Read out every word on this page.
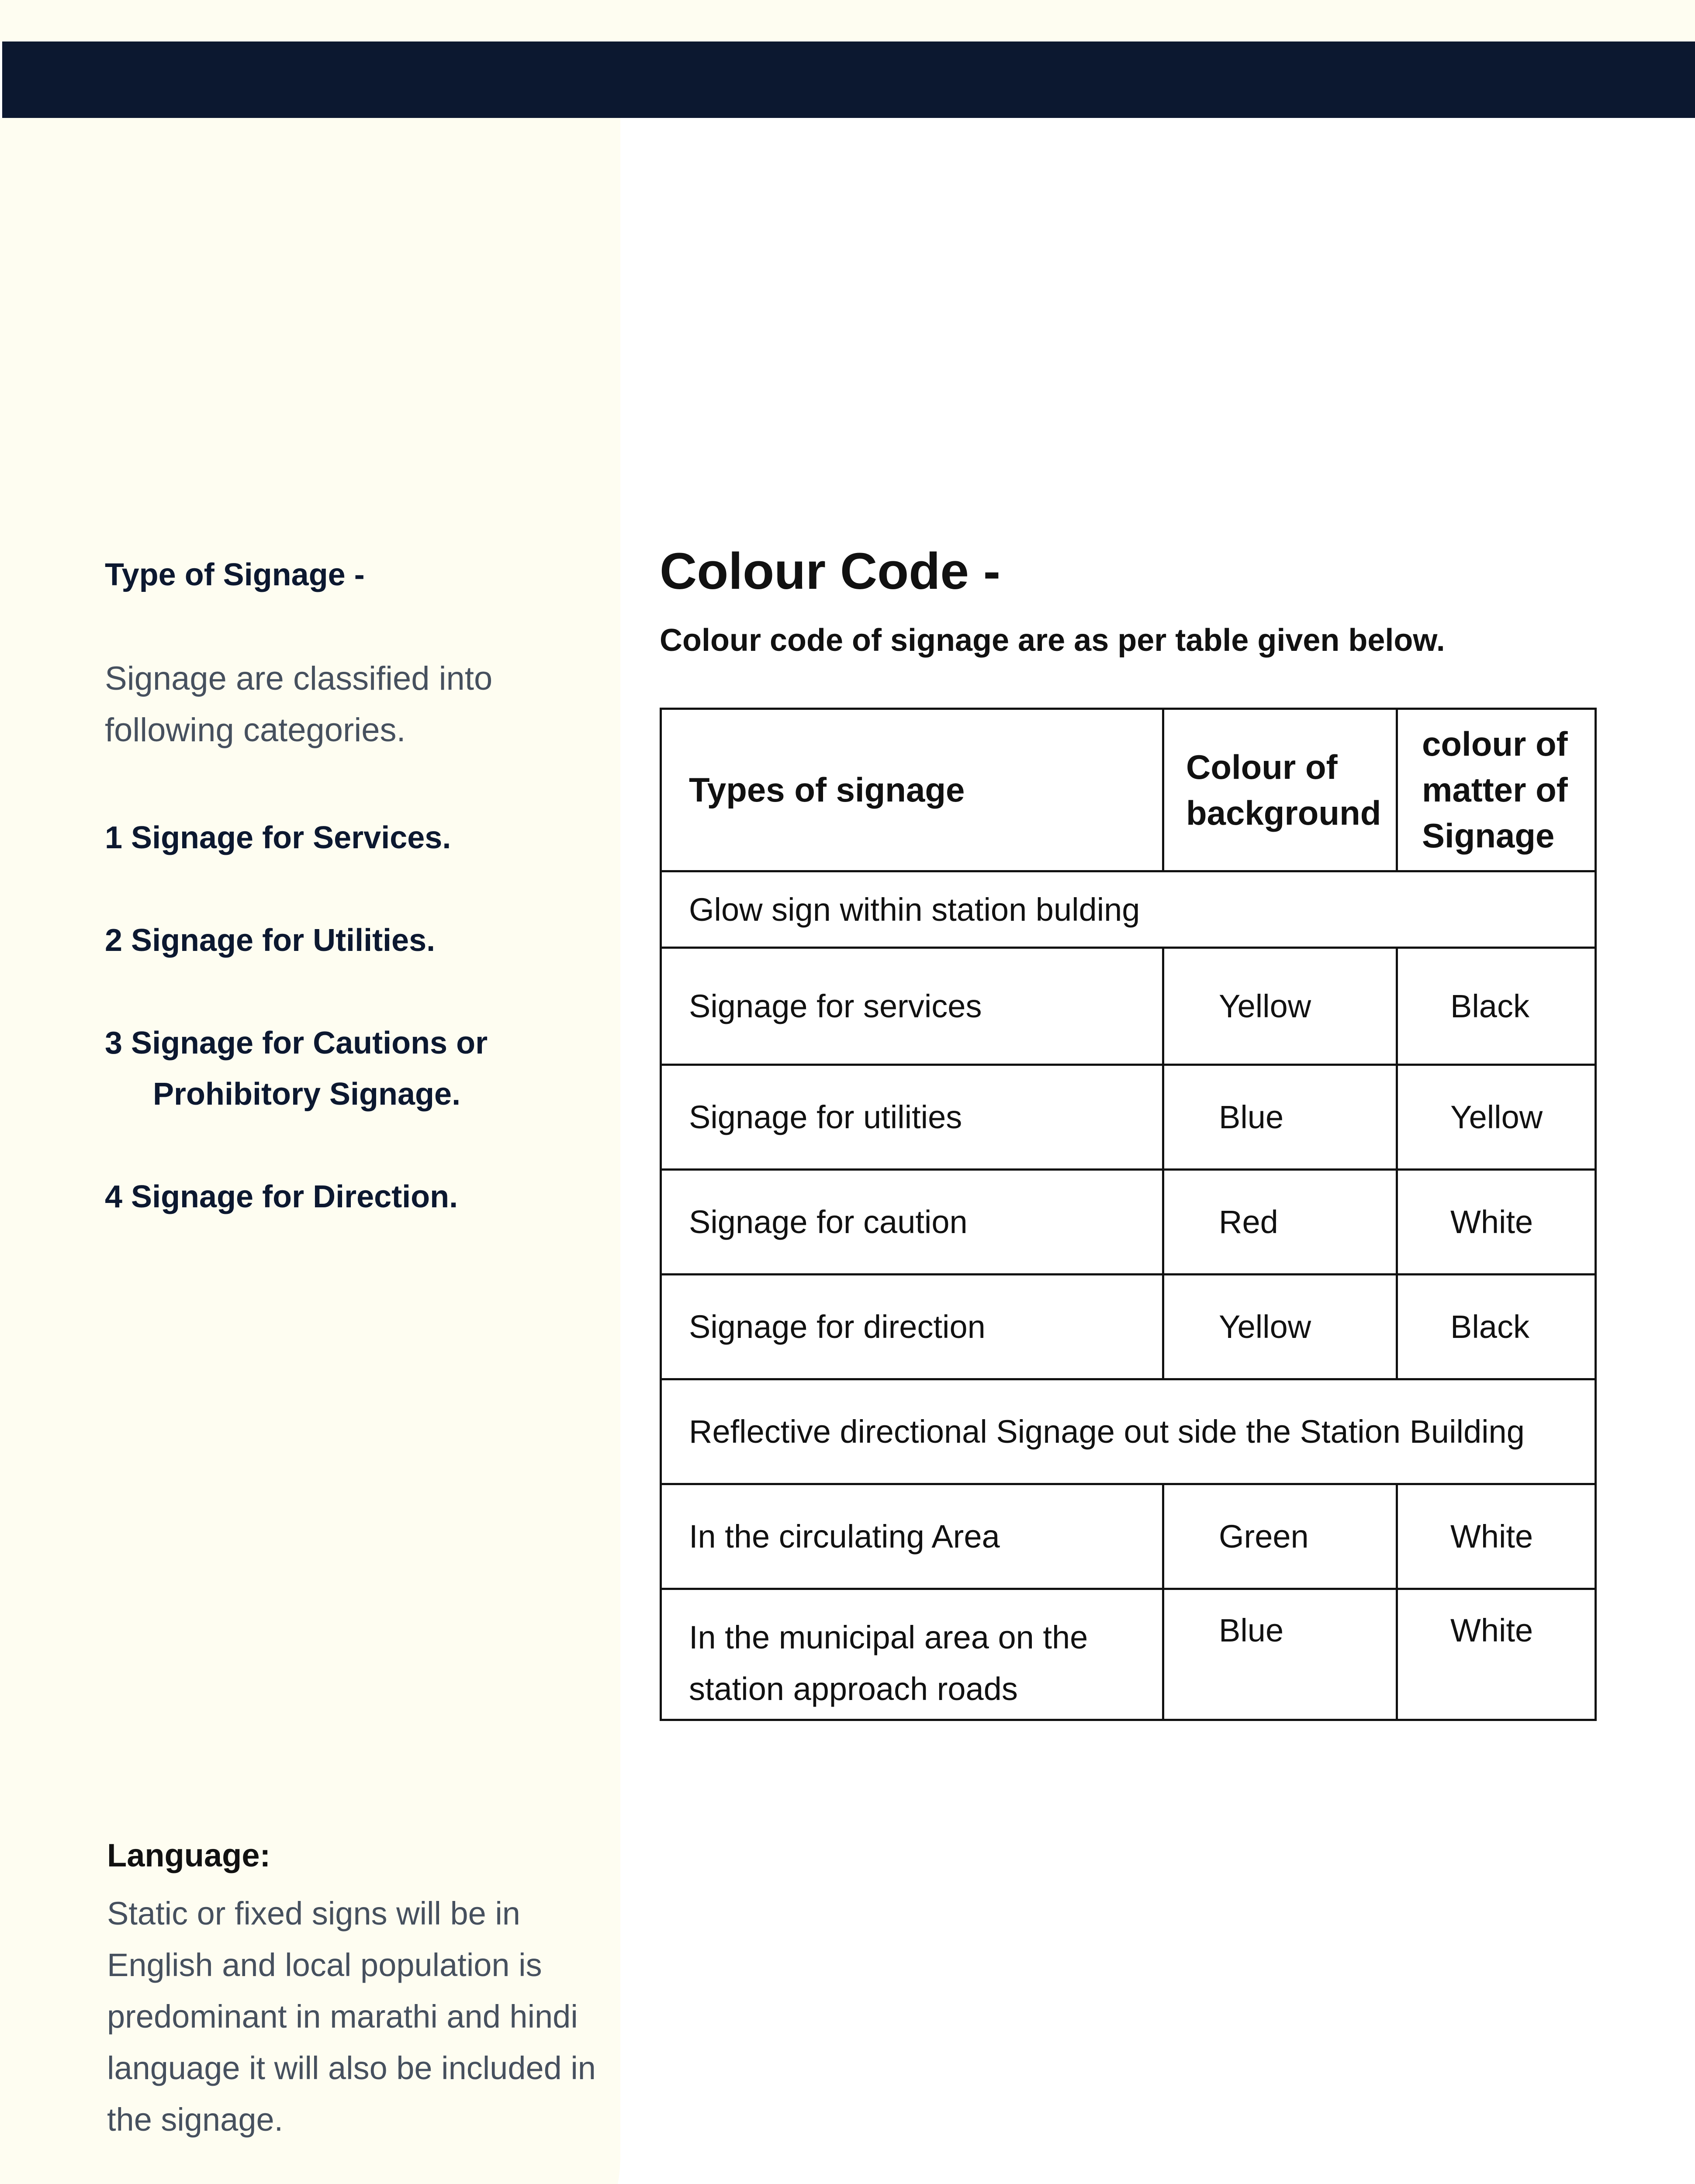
Type of Signage -

Signage are classified into following categories.

1 Signage for Services.
2 Signage for Utilities.
3 Signage for Cautions or
Prohibitory Signage.
4 Signage for Direction.

Language:

Static or fixed signs will be in English and local population is predominant in marathi and hindi language it will also be included in the signage.

Colour Code -

Colour code of signage are as per table given below.

Types of signage	Colour of background	colour of matter of Signage
Glow sign within station bulding		
Signage for services	Yellow	Black
Signage for utilities	Blue	Yellow
Signage for caution	Red	White
Signage for direction	Yellow	Black
Reflective directional Signage out side the Station Building		
In the circulating Area	Green	White
In the municipal area on the station approach roads	Blue	White
